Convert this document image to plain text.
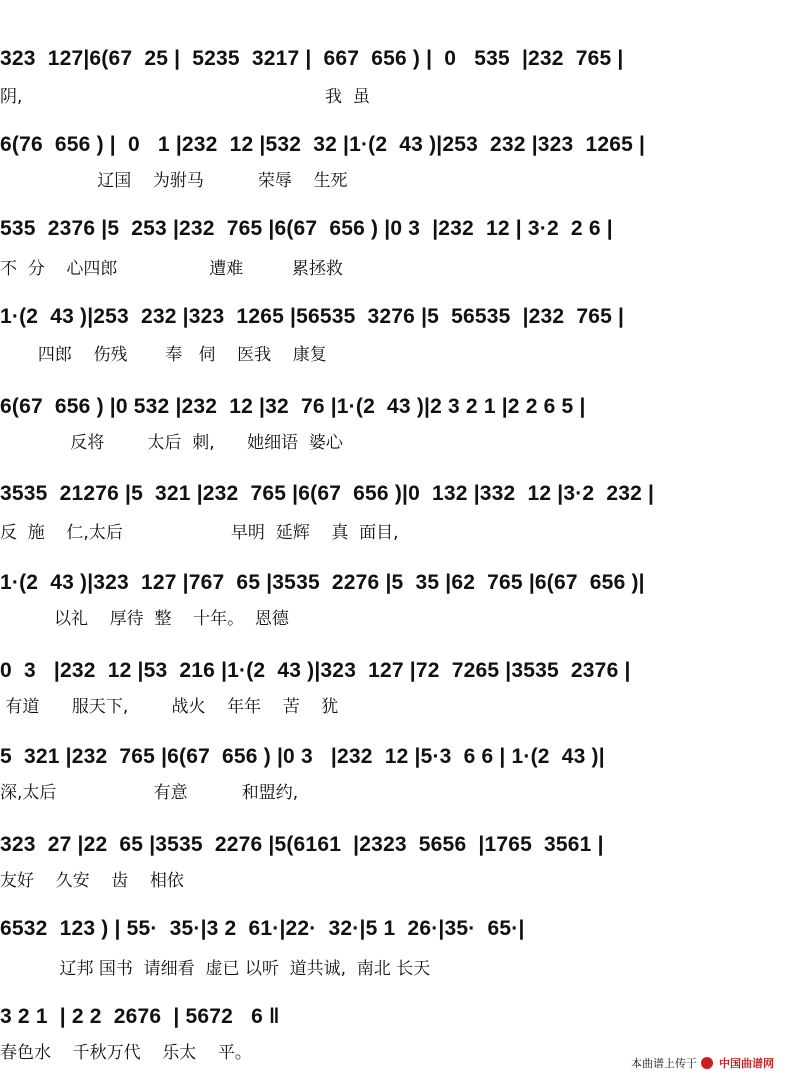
323  127|6(67  25 |  5235  3217 |  667  656 ) |  0   535  |232  765 |
阴,                                                        我  虽
6(76  656 ) |  0   1 |232  12 |532  32 |1·(2  43 )|253  232 |323  1265 |
辽国    为驸马          荣辱    生死
535  2376 |5  253 |232  765 |6(67  656 ) |0 3  |232  12 | 3·2  2 6 |
不  分    心四郎                 遭难         累拯救
1·(2  43 )|253  232 |323  1265 |56535  3276 |5  56535  |232  765 |
四郎    伤残       奉   伺    医我    康复
6(67  656 ) |0 532 |232  12 |32  76 |1·(2  43 )|2 3 2 1 |2 2 6 5 |
反将        太后  刺,      她细语  婆心
3535  21276 |5  321 |232  765 |6(67  656 )|0  132 |332  12 |3·2  232 |
反  施    仁,太后                    早明  延辉    真  面目,
1·(2  43 )|323  127 |767  65 |3535  2276 |5  35 |62  765 |6(67  656 )|
以礼    厚待  整    十年。  恩德
0  3   |232  12 |53  216 |1·(2  43 )|323  127 |72  7265 |3535  2376 |
有道      服天下,        战火    年年    苦    犹
5  321 |232  765 |6(67  656 ) |0 3   |232  12 |5·3  6 6 | 1·(2  43 )|
深,太后                  有意          和盟约,
323  27 |22  65 |3535  2276 |5(6161  |2323  5656  |1765  3561 |
友好    久安    齿    相依
6532  123 ) | 55·  35·|3 2  61·|22·  32·|5 1  26·|35·  65·|
辽邦 国书  请细看  虚已 以听  道共诚,  南北 长天
3 2 1  | 2 2  2676  | 5672   6 ‖
春色水    千秋万代    乐太    平。
本曲谱上传于 中国曲谱网
